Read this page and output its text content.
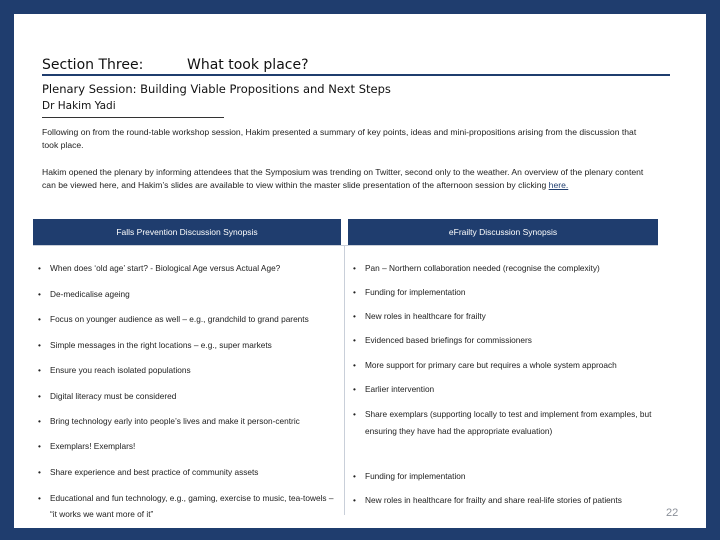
Section Three:	What took place?
Plenary Session: Building Viable Propositions and Next Steps
Dr Hakim Yadi
Following on from the round-table workshop session, Hakim presented a summary of key points, ideas and mini-propositions arising from the discussion that took place.
Hakim opened the plenary by informing attendees that the Symposium was trending on Twitter, second only to the weather. An overview of the plenary content can be viewed here, and Hakim’s slides are available to view within the master slide presentation of the afternoon session by clicking here.
Falls Prevention Discussion Synopsis	eFrailty Discussion Synopsis
•	When does ‘old age’ start? - Biological Age versus Actual Age?
•	De-medicalise ageing
•	Focus on younger audience as well – e.g., grandchild to grand parents
•	Simple messages in the right locations – e.g., super markets
•	Ensure you reach isolated populations
•	Digital literacy must be considered
•	Bring technology early into people’s lives and make it person-centric
•	Exemplars! Exemplars!
•	Share experience and best practice of community assets
•	Educational and fun technology, e.g., gaming, exercise to music, tea-towels – “it works we want more of it”
•	Pan – Northern collaboration needed (recognise the complexity)
•	Funding for implementation
•	New roles in healthcare for frailty
•	Evidenced based briefings for commissioners
•	More support for primary care but requires a whole system approach
•	Earlier intervention
•	Share exemplars (supporting locally to test and implement from examples, but ensuring they have had the appropriate evaluation)
•	Funding for implementation
•	New roles in healthcare for frailty and share real-life stories of patients
22
